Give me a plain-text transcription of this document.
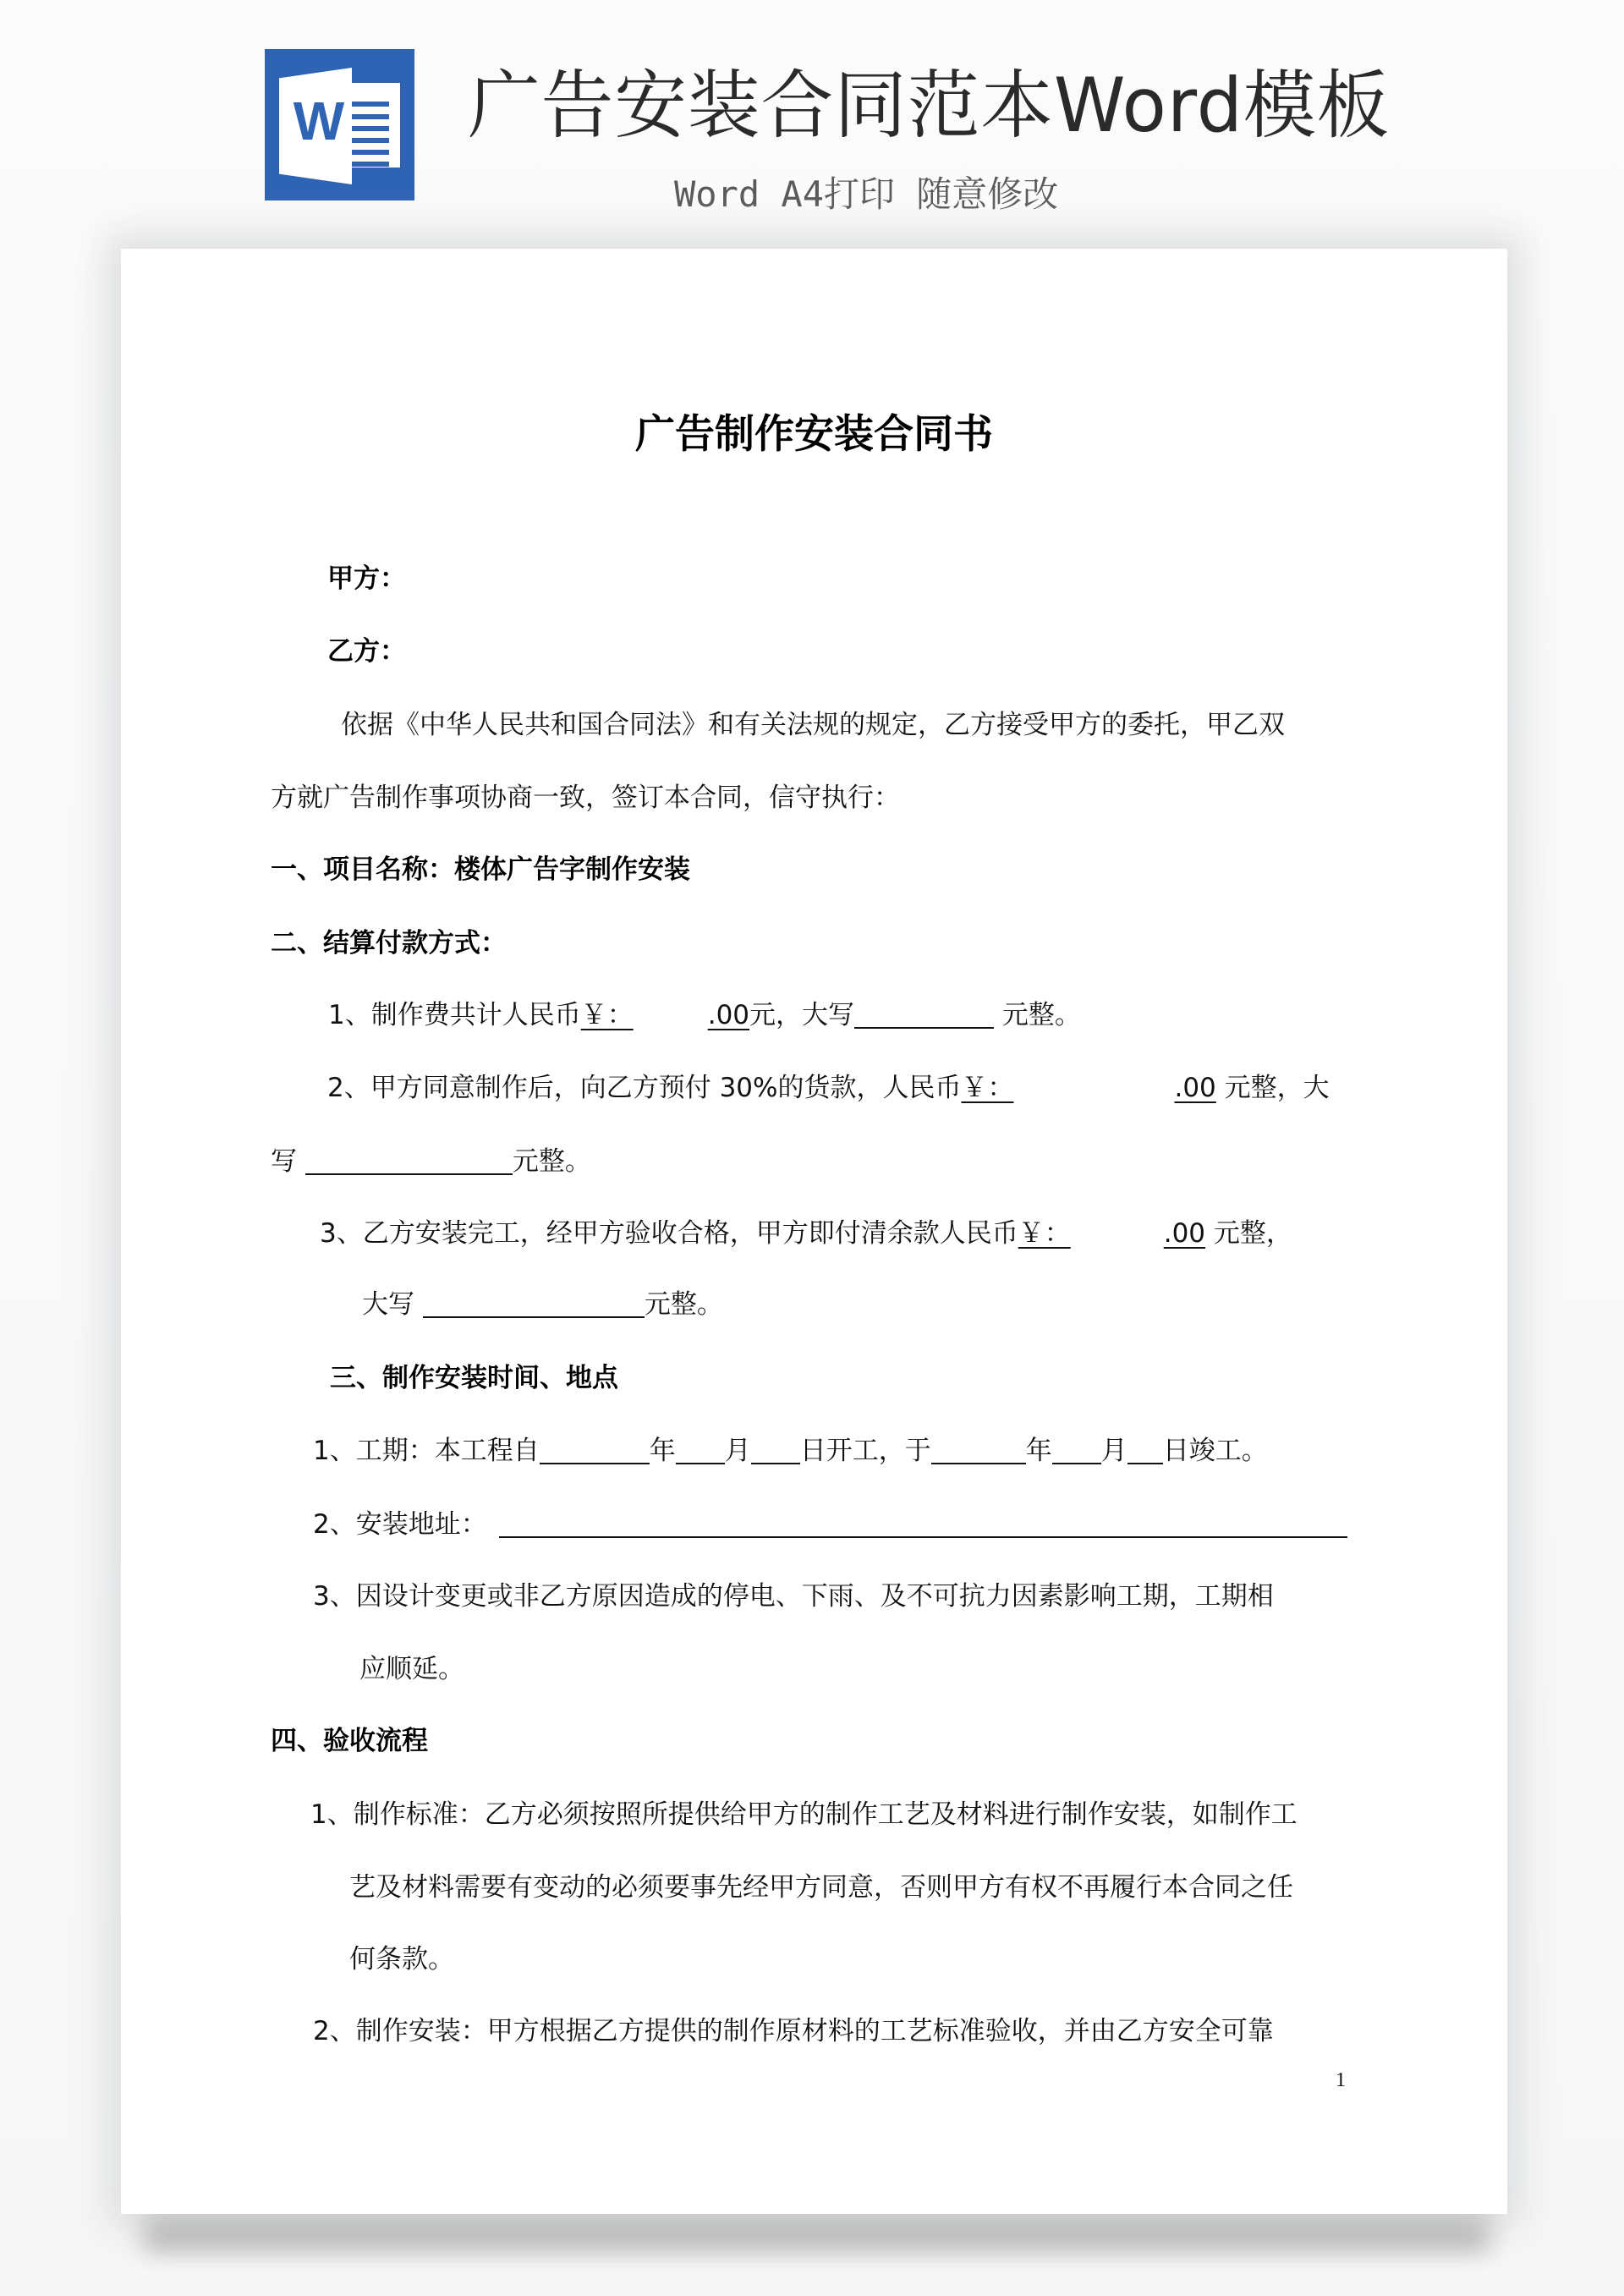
W 广告安装合同范本Word模板
Word A4打印 随意修改
广告制作安装合同书
甲方：
乙方：
依据《中华人民共和国合同法》和有关法规的规定，乙方接受甲方的委托，甲乙双
方就广告制作事项协商一致，签订本合同，信守执行：
一、项目名称：楼体广告字制作安装
二、结算付款方式：
1、制作费共计人民币￥：	.00元，大写	元整。
2、甲方同意制作后，向乙方预付 30%的货款，人民币￥：	.00 元整，大
写	元整。
3、乙方安装完工，经甲方验收合格，甲方即付清余款人民币￥：	.00 元整，
大写	元整。
三、制作安装时间、地点
1、工期：本工程自	年 月 日开工，于	年 月 日竣工。
2、安装地址：
3、因设计变更或非乙方原因造成的停电、下雨、及不可抗力因素影响工期，工期相
应顺延。
四、验收流程
1、制作标准：乙方必须按照所提供给甲方的制作工艺及材料进行制作安装，如制作工
艺及材料需要有变动的必须要事先经甲方同意，否则甲方有权不再履行本合同之任
何条款。
2、制作安装：甲方根据乙方提供的制作原材料的工艺标准验收，并由乙方安全可靠
1
